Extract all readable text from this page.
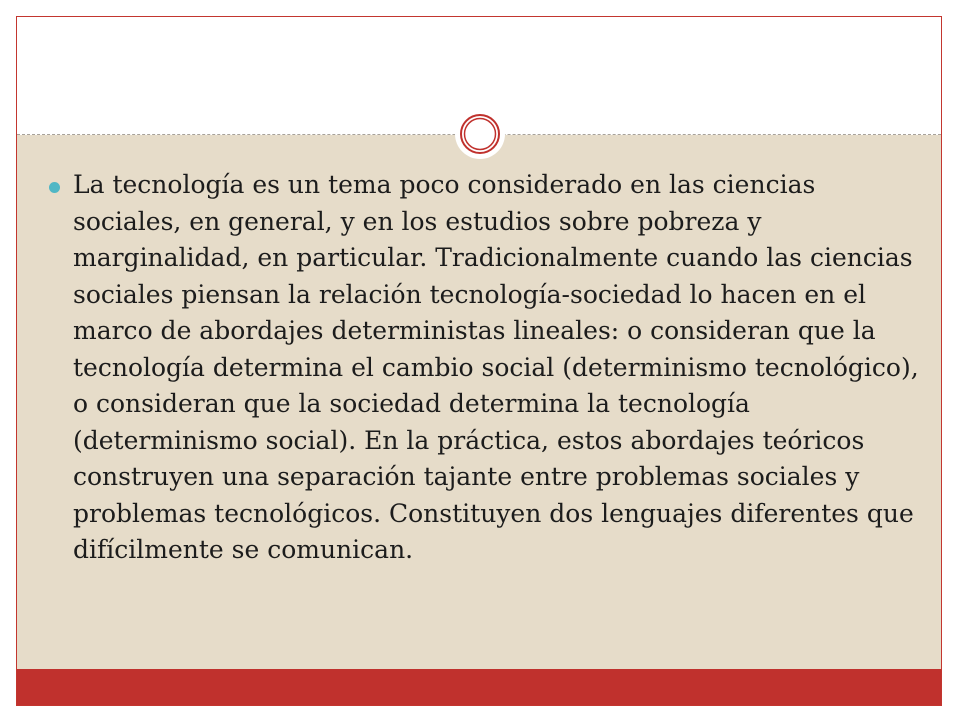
La tecnología es un tema poco considerado en las ciencias sociales, en general, y en los estudios sobre pobreza y marginalidad, en particular. Tradicionalmente cuando las ciencias sociales piensan la relación tecnología-sociedad lo hacen en el marco de abordajes deterministas lineales: o consideran que la tecnología determina el cambio social (determinismo tecnológico), o consideran que la sociedad determina la tecnología (determinismo social). En la práctica, estos abordajes teóricos construyen una separación tajante entre problemas sociales y problemas tecnológicos. Constituyen dos lenguajes diferentes que difícilmente se comunican.
